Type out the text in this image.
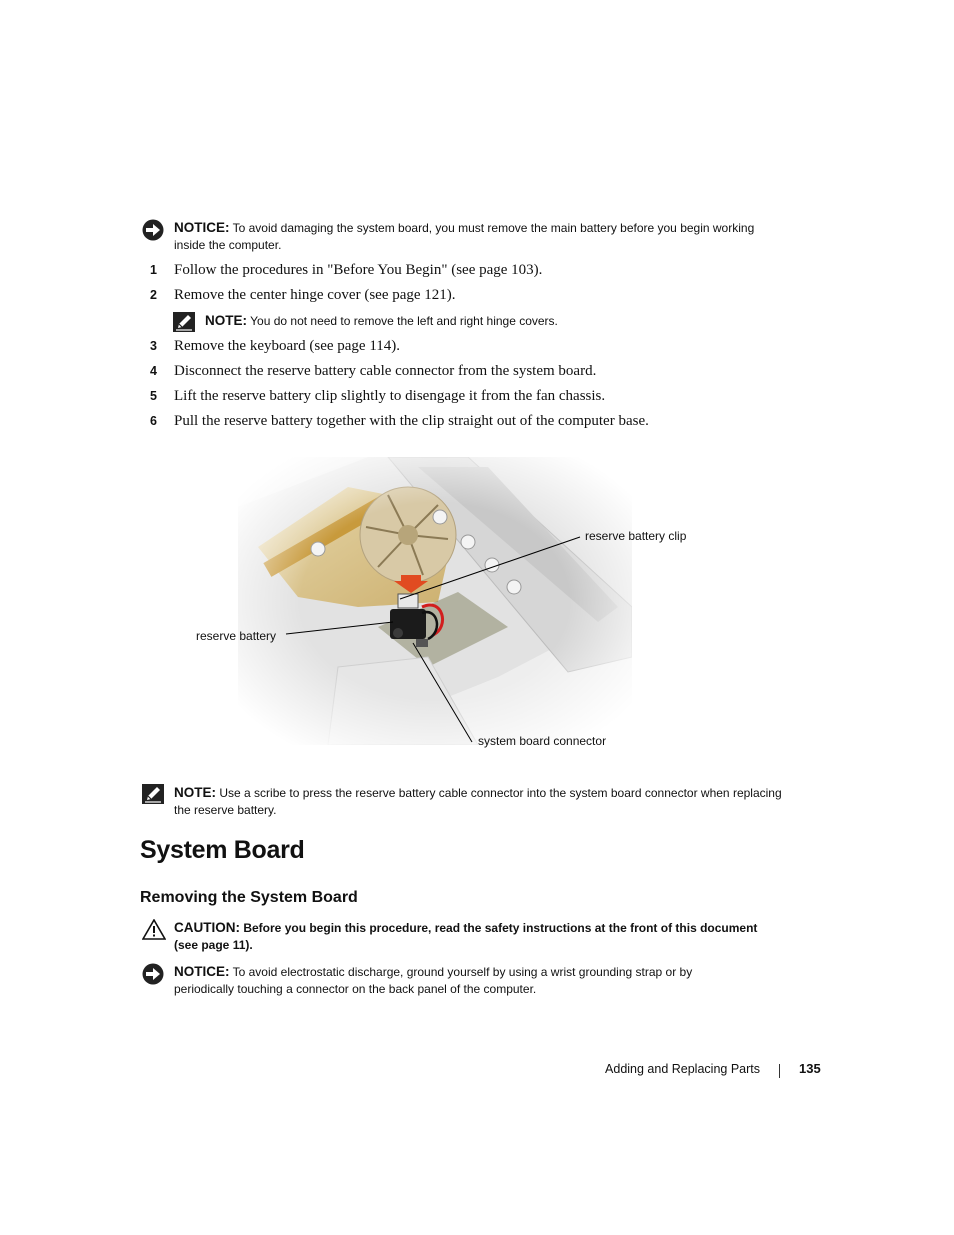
NOTICE: To avoid damaging the system board, you must remove the main battery before you begin working inside the computer.
1	Follow the procedures in "Before You Begin" (see page 103).
2	Remove the center hinge cover (see page 121).
NOTE: You do not need to remove the left and right hinge covers.
3	Remove the keyboard (see page 114).
4	Disconnect the reserve battery cable connector from the system board.
5	Lift the reserve battery clip slightly to disengage it from the fan chassis.
6	Pull the reserve battery together with the clip straight out of the computer base.
reserve battery clip
reserve battery
system board connector
NOTE: Use a scribe to press the reserve battery cable connector into the system board connector when replacing the reserve battery.
System Board
Removing the System Board
CAUTION: Before you begin this procedure, read the safety instructions at the front of this document (see page 11).
NOTICE: To avoid electrostatic discharge, ground yourself by using a wrist grounding strap or by periodically touching a connector on the back panel of the computer.
Adding and Replacing Parts	135
